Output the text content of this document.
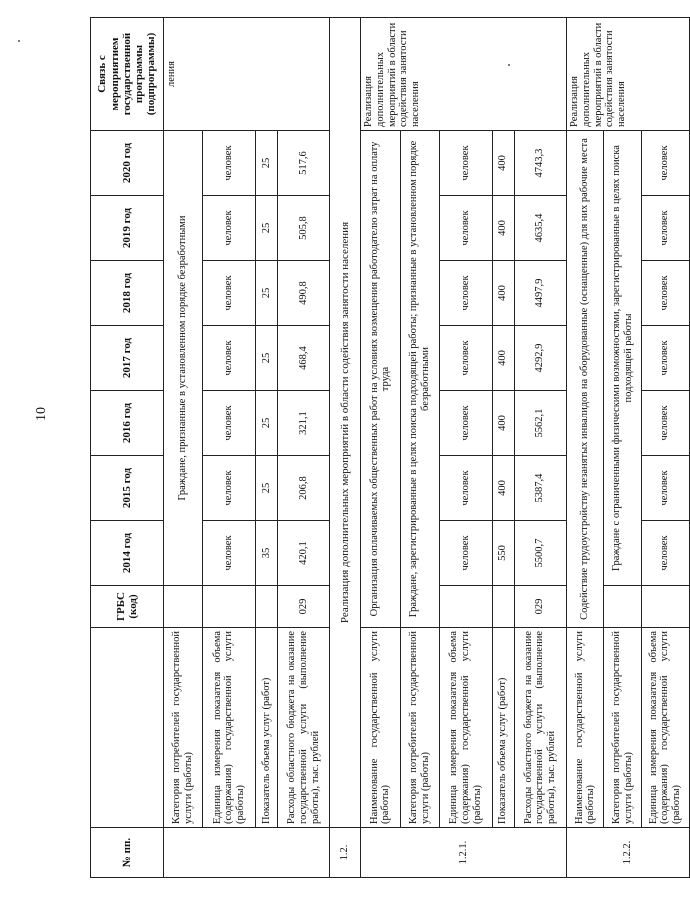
10
№ пп.		ГРБС (код)	2014 год	2015 год	2016 год	2017 год	2018 год	2019 год	2020 год	Связь с мероприятием государственной программы (подпрограммы)
	Категория потребителей государственной услуги (работы)		Граждане, признанные в установленном порядке безработными							ления
	Единица измерения показателя объема (содержания) государственной услуги (работы)		человек	человек	человек	человек	человек	человек	человек	
	Показатель объема услуг (работ)		35	25	25	25	25	25	25	
	Расходы областного бюджета на оказание государственной услуги (выполнение работы), тыс. рублей	029	420,1	206,8	321,1	468,4	490,8	505,8	517,6	
1.2.	Реализация дополнительных мероприятий в области содействия занятости населения									
1.2.1.	Наименование государственной услуги (работы)	Организация оплачиваемых общественных работ на условиях возмещения работодателю затрат на оплату труда								Реализация дополнительных мероприятий в области содействия занятости населения
	Категория потребителей государственной услуги (работы)	Граждане, зарегистрированные в целях поиска подходящей работы; признанные в установленном порядке безработными								
	Единица измерения показателя объема (содержания) государственной услуги (работы)		человек	человек	человек	человек	человек	человек	человек	
	Показатель объема услуг (работ)		550	400	400	400	400	400	400	
	Расходы областного бюджета на оказание государственной услуги (выполнение работы), тыс. рублей	029	5500,7	5387,4	5562,1	4292,9	4497,9	4635,4	4743,3	
1.2.2.	Наименование государственной услуги (работы)	Содействие трудоустройству незанятых инвалидов на оборудованные (оснащенные) для них рабочие места								Реализация дополнительных мероприятий в области содействия занятости населения
	Категория потребителей государственной услуги (работы)		Граждане с ограниченными физическими возможностями, зарегистрированные в целях поиска подходящей работы							
	Единица измерения показателя объема (содержания) государственной услуги (работы)		человек	человек	человек	человек	человек	человек	человек	
